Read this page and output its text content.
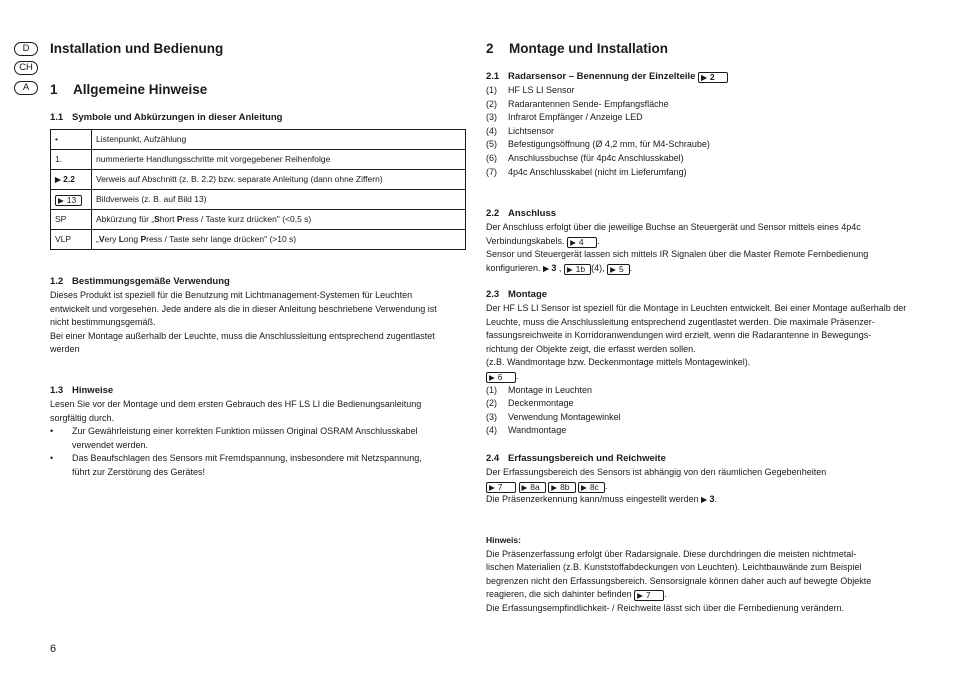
D
CH
A
Installation und Bedienung
1 Allgemeine Hinweise
1.1 Symbole und Abkürzungen in dieser Anleitung
•	Listenpunkt, Aufzählung
1.	nummerierte Handlungsschritte mit vorgegebener Reihenfolge
▶ 2.2	Verweis auf Abschnitt (z. B. 2.2) bzw. separate Anleitung (dann ohne Ziffern)
▶ 13	Bildverweis (z. B. auf Bild 13)
SP	Abkürzung für „Short Press / Taste kurz drücken" (<0,5 s)
VLP	„Very Long Press / Taste sehr lange drücken" (>10 s)
1.2 Bestimmungsgemäße Verwendung

Dieses Produkt ist speziell für die Benutzung mit Lichtmanagement-Systemen für Leuchten

entwickelt und vorgesehen. Jede andere als die in dieser Anleitung beschriebene Verwendung ist

nicht bestimmungsgemäß.

Bei einer Montage außerhalb der Leuchte, muss die Anschlussleitung entsprechend zugentlastet

werden

1.3 Hinweise

Lesen Sie vor der Montage und dem ersten Gebrauch des HF LS LI die Bedienungsanleitung

sorgfältig durch.

• Zur Gewährleistung einer korrekten Funktion müssen Original OSRAM Anschlusskabel

verwendet werden.

• Das Beaufschlagen des Sensors mit Fremdspannung, insbesondere mit Netzspannung,

führt zur Zerstörung des Gerätes!

2 Montage und Installation
2.1 Radarsensor – Benennung der Einzelteile ▶ 2
(1) HF LS LI Sensor
(2) Radarantennen Sende- Empfangsfläche
(3) Infrarot Empfänger / Anzeige LED
(4) Lichtsensor
(5) Befestigungsöffnung (Ø 4,2 mm, für M4-Schraube)
(6) Anschlussbuchse (für 4p4c Anschlusskabel)
(7) 4p4c Anschlusskabel (nicht im Lieferumfang)
2.2 Anschluss

Der Anschluss erfolgt über die jeweilige Buchse an Steuergerät und Sensor mittels eines 4p4c

Verbindungskabels. ▶ 4 .

Sensor und Steuergerät lassen sich mittels IR Signalen über die Master Remote Fernbedienung

konfigurieren. ▶ 3 , ▶ 1b (4), ▶ 5 .

2.3 Montage

Der HF LS LI Sensor ist speziell für die Montage in Leuchten entwickelt. Bei einer Montage außerhalb der

Leuchte, muss die Anschlussleitung entsprechend zugentlastet werden. Die maximale Präsenzer-

fassungsreichweite in Korridoranwendungen wird erzielt, wenn die Radarantenne in Bewegungs-

richtung der Objekte zeigt, die erfasst werden sollen.

(z.B. Wandmontage bzw. Deckenmontage mittels Montagewinkel).

▶ 6 .

(1) Montage in Leuchten
(2) Deckenmontage
(3) Verwendung Montagewinkel
(4) Wandmontage
2.4 Erfassungsbereich und Reichweite

Der Erfassungsbereich des Sensors ist abhängig von den räumlichen Gegebenheiten

▶ 7	▶ 8a ▶ 8b ▶ 8c .

Die Präsenzerkennung kann/muss eingestellt werden ▶ 3.

Hinweis:

Die Präsenzerfassung erfolgt über Radarsignale. Diese durchdringen die meisten nichtmetal-

lischen Materialien (z.B. Kunststoffabdeckungen von Leuchten). Leichtbauwände zum Beispiel

begrenzen nicht den Erfassungsbereich. Sensorsignale können daher auch auf bewegte Objekte

reagieren, die sich dahinter befinden ▶ 7 .

Die Erfassungsempfindlichkeit- / Reichweite lässt sich über die Fernbedienung verändern.

6
